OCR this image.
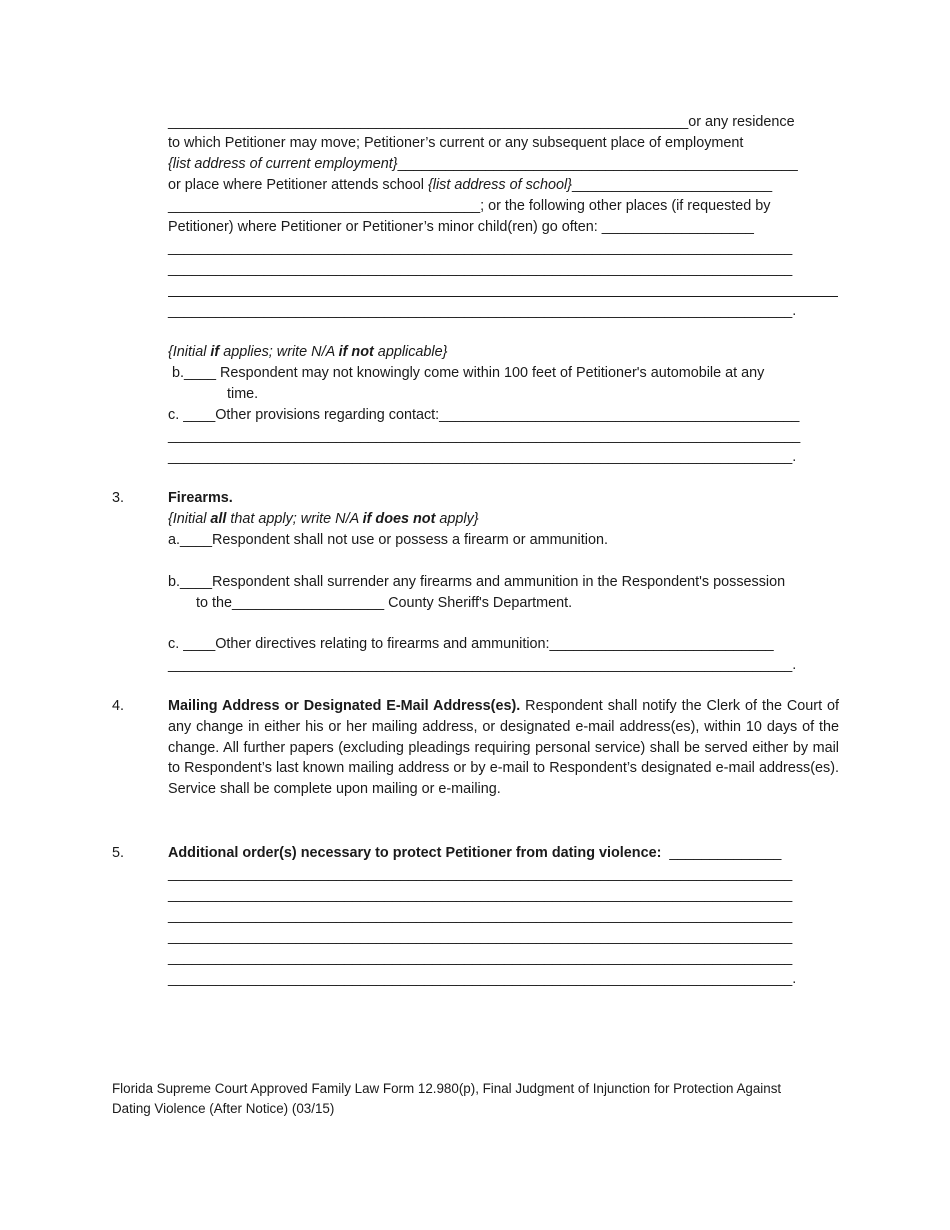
_________________________________________________________________or any residence
to which Petitioner may move; Petitioner’s current or any subsequent place of employment
{list address of current employment}__________________________________________________
or place where Petitioner attends school {list address of school}_________________________
_______________________________________; or the following other places (if requested by
Petitioner) where Petitioner or Petitioner’s minor child(ren) go often: ___________________
______________________________________________________________________________
______________________________________________________________________________
______________________________________________________________________________.
{Initial if applies; write N/A if not applicable}
b.____ Respondent may not knowingly come within 100 feet of Petitioner's automobile at any
time.
c. ____Other provisions regarding contact:_____________________________________________
_______________________________________________________________________________
______________________________________________________________________________.
3.	Firearms.
{Initial all that apply; write N/A if does not apply}
a.____Respondent shall not use or possess a firearm or ammunition.
b.____Respondent shall surrender any firearms and ammunition in the Respondent's possession
to the___________________ County Sheriff's Department.
c. ____Other directives relating to firearms and ammunition:____________________________
______________________________________________________________________________.
4.	Mailing Address or Designated E-Mail Address(es). Respondent shall notify the Clerk of the Court of any change in either his or her mailing address, or designated e-mail address(es), within 10 days of the change. All further papers (excluding pleadings requiring personal service) shall be served either by mail to Respondent’s last known mailing address or by e-mail to Respondent’s designated e-mail address(es). Service shall be complete upon mailing or e-mailing.
5.	Additional order(s) necessary to protect Petitioner from dating violence:  ______________
______________________________________________________________________________
______________________________________________________________________________
______________________________________________________________________________
______________________________________________________________________________
______________________________________________________________________________
______________________________________________________________________________.
Florida Supreme Court Approved Family Law Form 12.980(p), Final Judgment of Injunction for Protection Against
Dating Violence (After Notice) (03/15)
